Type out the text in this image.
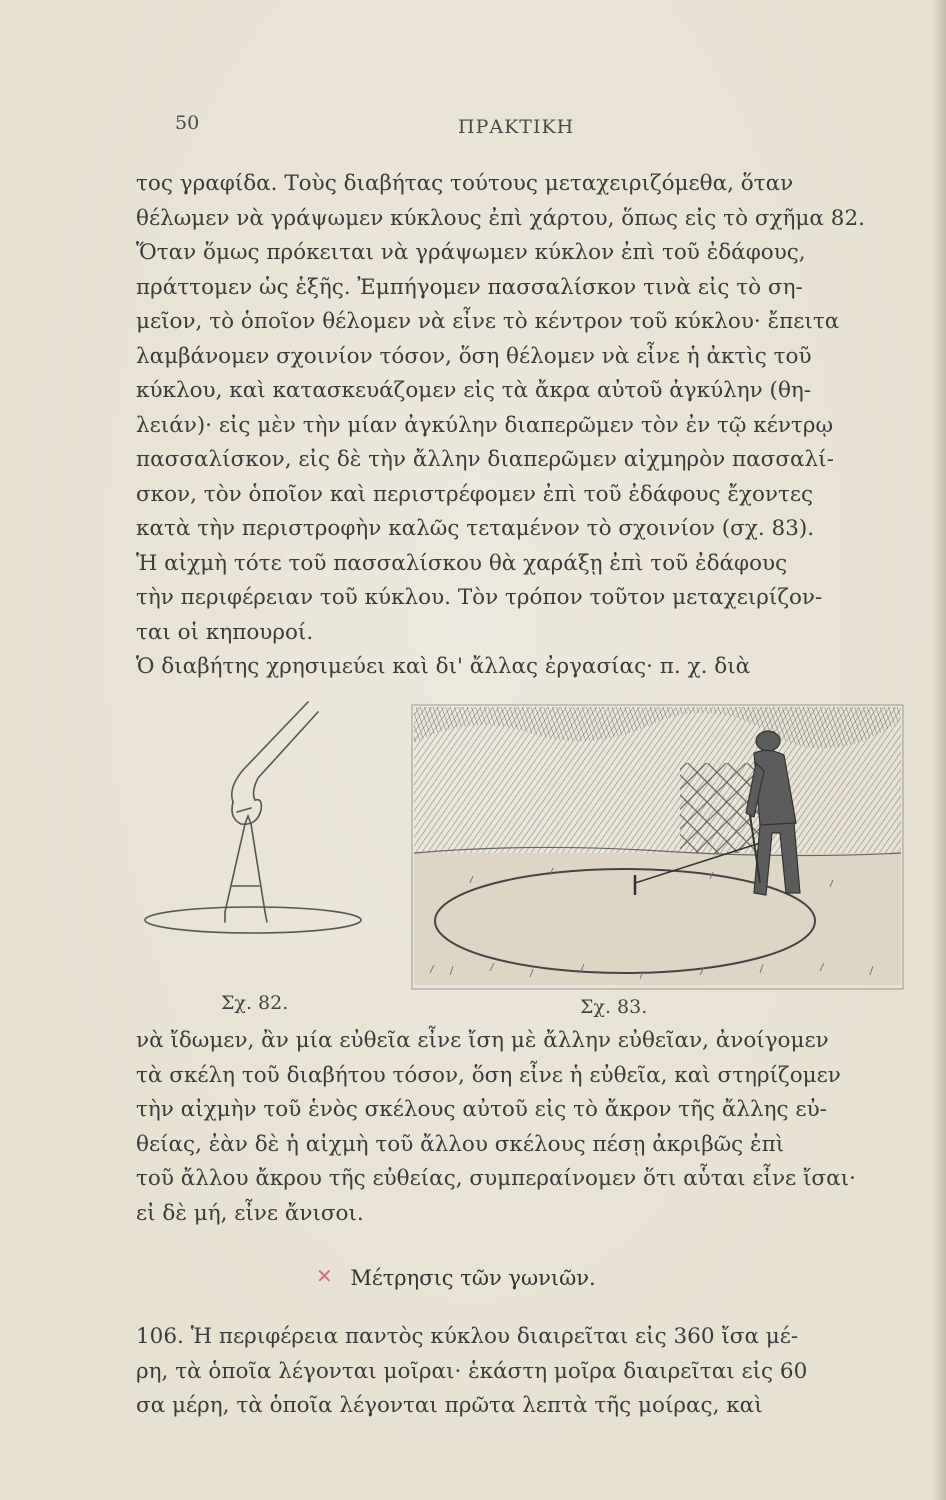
50	ΠΡΑΚΤΙΚΗ
τος γραφίδα. Τοὺς διαβήτας τούτους μεταχειριζόμεθα, ὅταν
θέλωμεν νὰ γράψωμεν κύκλους ἐπὶ χάρτου, ὅπως εἰς τὸ σχῆμα 82.
Ὅταν ὅμως πρόκειται νὰ γράψωμεν κύκλον ἐπὶ τοῦ ἐδάφους,
πράττομεν ὡς ἑξῆς. Ἐμπήγομεν πασσαλίσκον τινὰ εἰς τὸ ση-
μεῖον, τὸ ὁποῖον θέλομεν νὰ εἶνε τὸ κέντρον τοῦ κύκλου· ἔπειτα
λαμβάνομεν σχοινίον τόσον, ὅση θέλομεν νὰ εἶνε ἡ ἀκτὶς τοῦ
κύκλου, καὶ κατασκευάζομεν εἰς τὰ ἄκρα αὐτοῦ ἀγκύλην (θη-
λειάν)· εἰς μὲν τὴν μίαν ἀγκύλην διαπερῶμεν τὸν ἐν τῷ κέντρῳ
πασσαλίσκον, εἰς δὲ τὴν ἄλλην διαπερῶμεν αἰχμηρὸν πασσαλί-
σκον, τὸν ὁποῖον καὶ περιστρέφομεν ἐπὶ τοῦ ἐδάφους ἔχοντες
κατὰ τὴν περιστροφὴν καλῶς τεταμένον τὸ σχοινίον (σχ. 83).
Ἡ αἰχμὴ τότε τοῦ πασσαλίσκου θὰ χαράξῃ ἐπὶ τοῦ ἐδάφους
τὴν περιφέρειαν τοῦ κύκλου. Τὸν τρόπον τοῦτον μεταχειρίζον-
ται οἱ κηπουροί.
Ὁ διαβήτης χρησιμεύει καὶ δι' ἄλλας ἐργασίας· π. χ. διὰ
Σχ. 82.	Σχ. 83.
νὰ ἴδωμεν, ἂν μία εὐθεῖα εἶνε ἴση μὲ ἄλλην εὐθεῖαν, ἀνοίγομεν
τὰ σκέλη τοῦ διαβήτου τόσον, ὅση εἶνε ἡ εὐθεῖα, καὶ στηρίζομεν
τὴν αἰχμὴν τοῦ ἑνὸς σκέλους αὐτοῦ εἰς τὸ ἄκρον τῆς ἄλλης εὐ-
θείας, ἐὰν δὲ ἡ αἰχμὴ τοῦ ἄλλου σκέλους πέσῃ ἀκριβῶς ἐπὶ
τοῦ ἄλλου ἄκρου τῆς εὐθείας, συμπεραίνομεν ὅτι αὗται εἶνε ἴσαι·
εἰ δὲ μή, εἶνε ἄνισοι.
✕ Μέτρησις τῶν γωνιῶν.
106. Ἡ περιφέρεια παντὸς κύκλου διαιρεῖται εἰς 360 ἴσα μέ-
ρη, τὰ ὁποῖα λέγονται μοῖραι· ἑκάστη μοῖρα διαιρεῖται εἰς 60
σα μέρη, τὰ ὁποῖα λέγονται πρῶτα λεπτὰ τῆς μοίρας, καὶ
